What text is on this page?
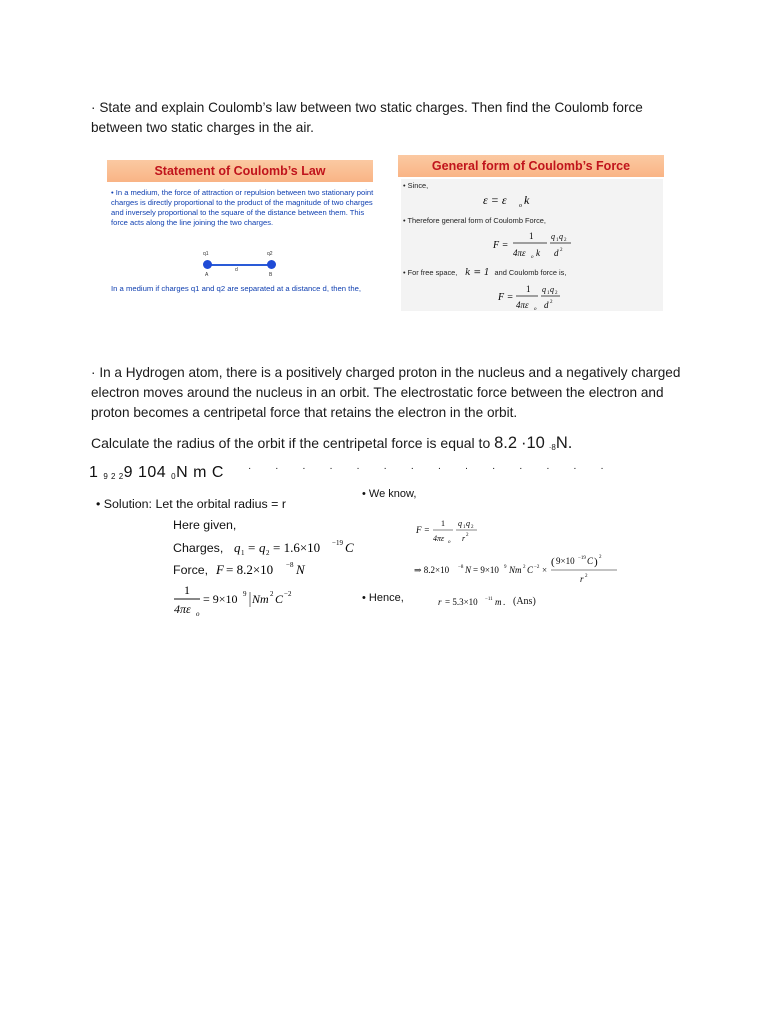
· State and explain Coulomb’s law between two static charges. Then find the Coulomb force between two static charges in the air.
Statement of Coulomb’s Law
• In a medium, the force of attraction or repulsion between two stationary point charges is directly proportional to the product of the magnitude of two charges and inversely proportional to the square of the distance between them. This force acts along the line joining the two charges.
q1	q2
d
A	B
In a medium if charges q1 and q2 are separated at a distance d, then the,
General form of Coulomb’s Force
• Since,
ε = ε o k
• Therefore general form of Coulomb Force,
F =
1
4πε o k
q 1 q 2
d 2
• For free space,   k = 1  and Coulomb force is,
F =
1
4πε o
q 1 q 2
d 2
· In a Hydrogen atom, there is a positively charged proton in the nucleus and a negatively charged electron moves around the nucleus in an orbit. The electrostatic force between the electron and proton becomes a centripetal force that retains the electron in the orbit.
Calculate the radius of the orbit if the centripetal force is equal to 8.2 ·10 $_{\cdot 8}$N.
1 $_{9 2 2}$9 104 $_0$N m C · · · · · · · · · · · · · ·
• Solution: Let the orbital radius = r
Here given,
Charges, q 1 = q 2 = 1.6×10 −19 C
Force, F = 8.2×10 −8 N
1
4πε o
= 9×10 9 Nm 2 C −2
• We know,
F =
1
4πε o
q 1 q 2
r 2
⇒ 8.2×10 −8 N = 9×10 9 Nm 2 C −2 ×
( 9×10 −19 C ) 2
r 2
• Hence,	r = 5.3×10 −11 m . (Ans)
